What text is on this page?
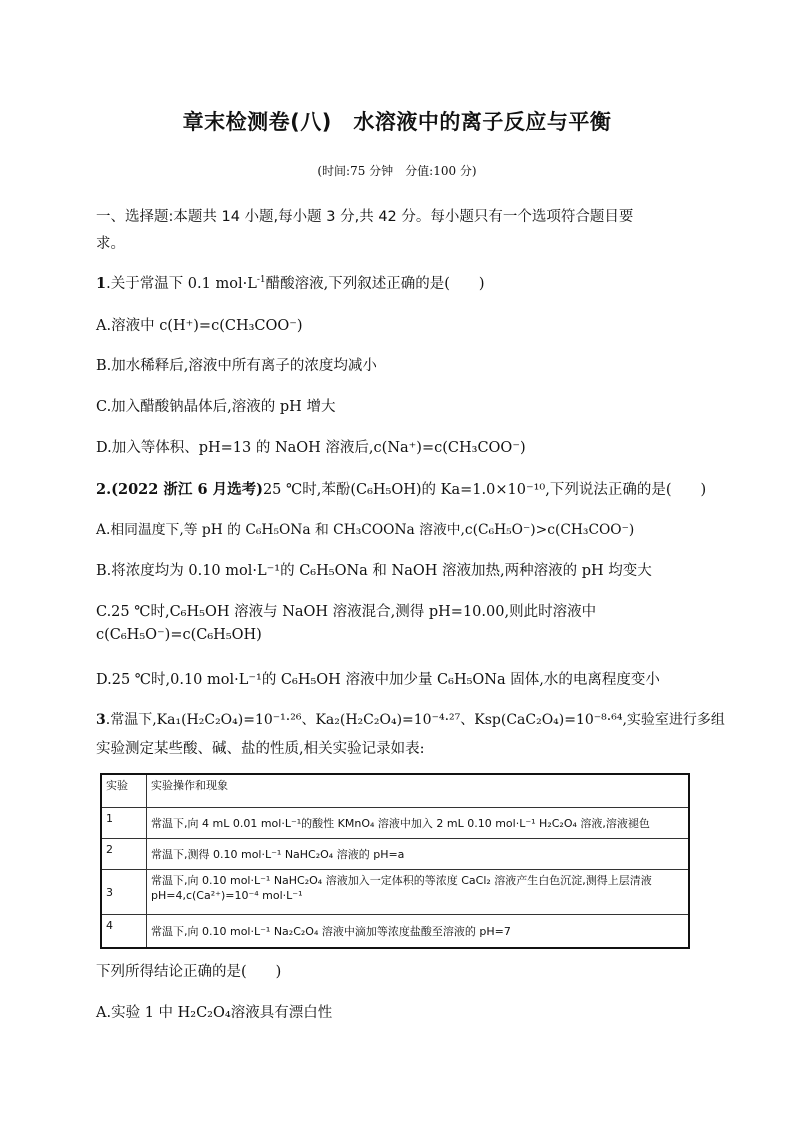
章末检测卷(八)　水溶液中的离子反应与平衡
(时间:75 分钟　分值:100 分)
一、选择题:本题共 14 小题,每小题 3 分,共 42 分。每小题只有一个选项符合题目要
求。
1.关于常温下 0.1 $mol\cdot L^{-1}$醋酸溶液,下列叙述正确的是(　　)
A.溶液中 c(H⁺)=c(CH₃COO⁻)
B.加水稀释后,溶液中所有离子的浓度均减小
C.加入醋酸钠晶体后,溶液的 pH 增大
D.加入等体积、pH=13 的 NaOH 溶液后,c(Na⁺)=c(CH₃COO⁻)
2.(2022 浙江 6 月选考)25 ℃时,苯酚(C₆H₅OH)的 Ka=1.0×10⁻¹⁰,下列说法正确的是(　　)
A.相同温度下,等 pH 的 C₆H₅ONa 和 CH₃COONa 溶液中,c(C₆H₅O⁻)>c(CH₃COO⁻)
B.将浓度均为 0.10 mol·L⁻¹的 C₆H₅ONa 和 NaOH 溶液加热,两种溶液的 pH 均变大
C.25 ℃时,C₆H₅OH 溶液与 NaOH 溶液混合,测得 pH=10.00,则此时溶液中
c(C₆H₅O⁻)=c(C₆H₅OH)
D.25 ℃时,0.10 mol·L⁻¹的 C₆H₅OH 溶液中加少量 C₆H₅ONa 固体,水的电离程度变小
3.常温下,Ka₁(H₂C₂O₄)=10⁻¹·²⁶、Ka₂(H₂C₂O₄)=10⁻⁴·²⁷、Ksp(CaC₂O₄)=10⁻⁸·⁶⁴,实验室进行多组
实验测定某些酸、碱、盐的性质,相关实验记录如表:
实验	实验操作和现象
1	常温下,向 4 mL 0.01 mol·L⁻¹的酸性 KMnO₄ 溶液中加入 2 mL 0.10 mol·L⁻¹ H₂C₂O₄ 溶液,溶液褪色
2	常温下,测得 0.10 mol·L⁻¹ NaHC₂O₄ 溶液的 pH=a
3	常温下,向 0.10 mol·L⁻¹ NaHC₂O₄ 溶液加入一定体积的等浓度 CaCl₂ 溶液产生白色沉淀,测得上层清液
pH=4,c(Ca²⁺)=10⁻⁴ mol·L⁻¹

4	常温下,向 0.10 mol·L⁻¹ Na₂C₂O₄ 溶液中滴加等浓度盐酸至溶液的 pH=7
下列所得结论正确的是(　　)
A.实验 1 中 H₂C₂O₄溶液具有漂白性
